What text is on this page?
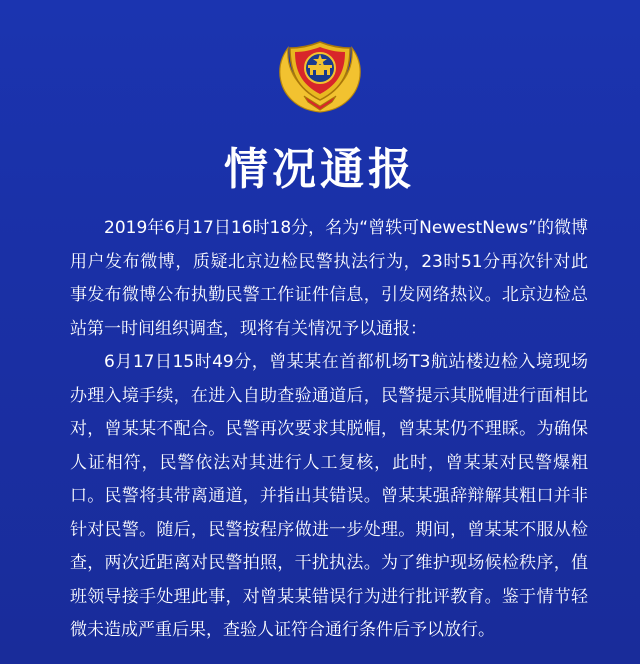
情况通报

2019年6月17日16时18分，名为“曾轶可NewestNews”的微博用户发布微博，质疑北京边检民警执法行为，23时51分再次针对此事发布微博公布执勤民警工作证件信息，引发网络热议。北京边检总站第一时间组织调查，现将有关情况予以通报：

6月17日15时49分，曾某某在首都机场T3航站楼边检入境现场办理入境手续，在进入自助查验通道后，民警提示其脱帽进行面相比对，曾某某不配合。民警再次要求其脱帽，曾某某仍不理睬。为确保人证相符，民警依法对其进行人工复核，此时，曾某某对民警爆粗口。民警将其带离通道，并指出其错误。曾某某强辞辩解其粗口并非针对民警。随后，民警按程序做进一步处理。期间，曾某某不服从检查，两次近距离对民警拍照，干扰执法。为了维护现场候检秩序，值班领导接手处理此事，对曾某某错误行为进行批评教育。鉴于情节轻微未造成严重后果，查验人证符合通行条件后予以放行。
